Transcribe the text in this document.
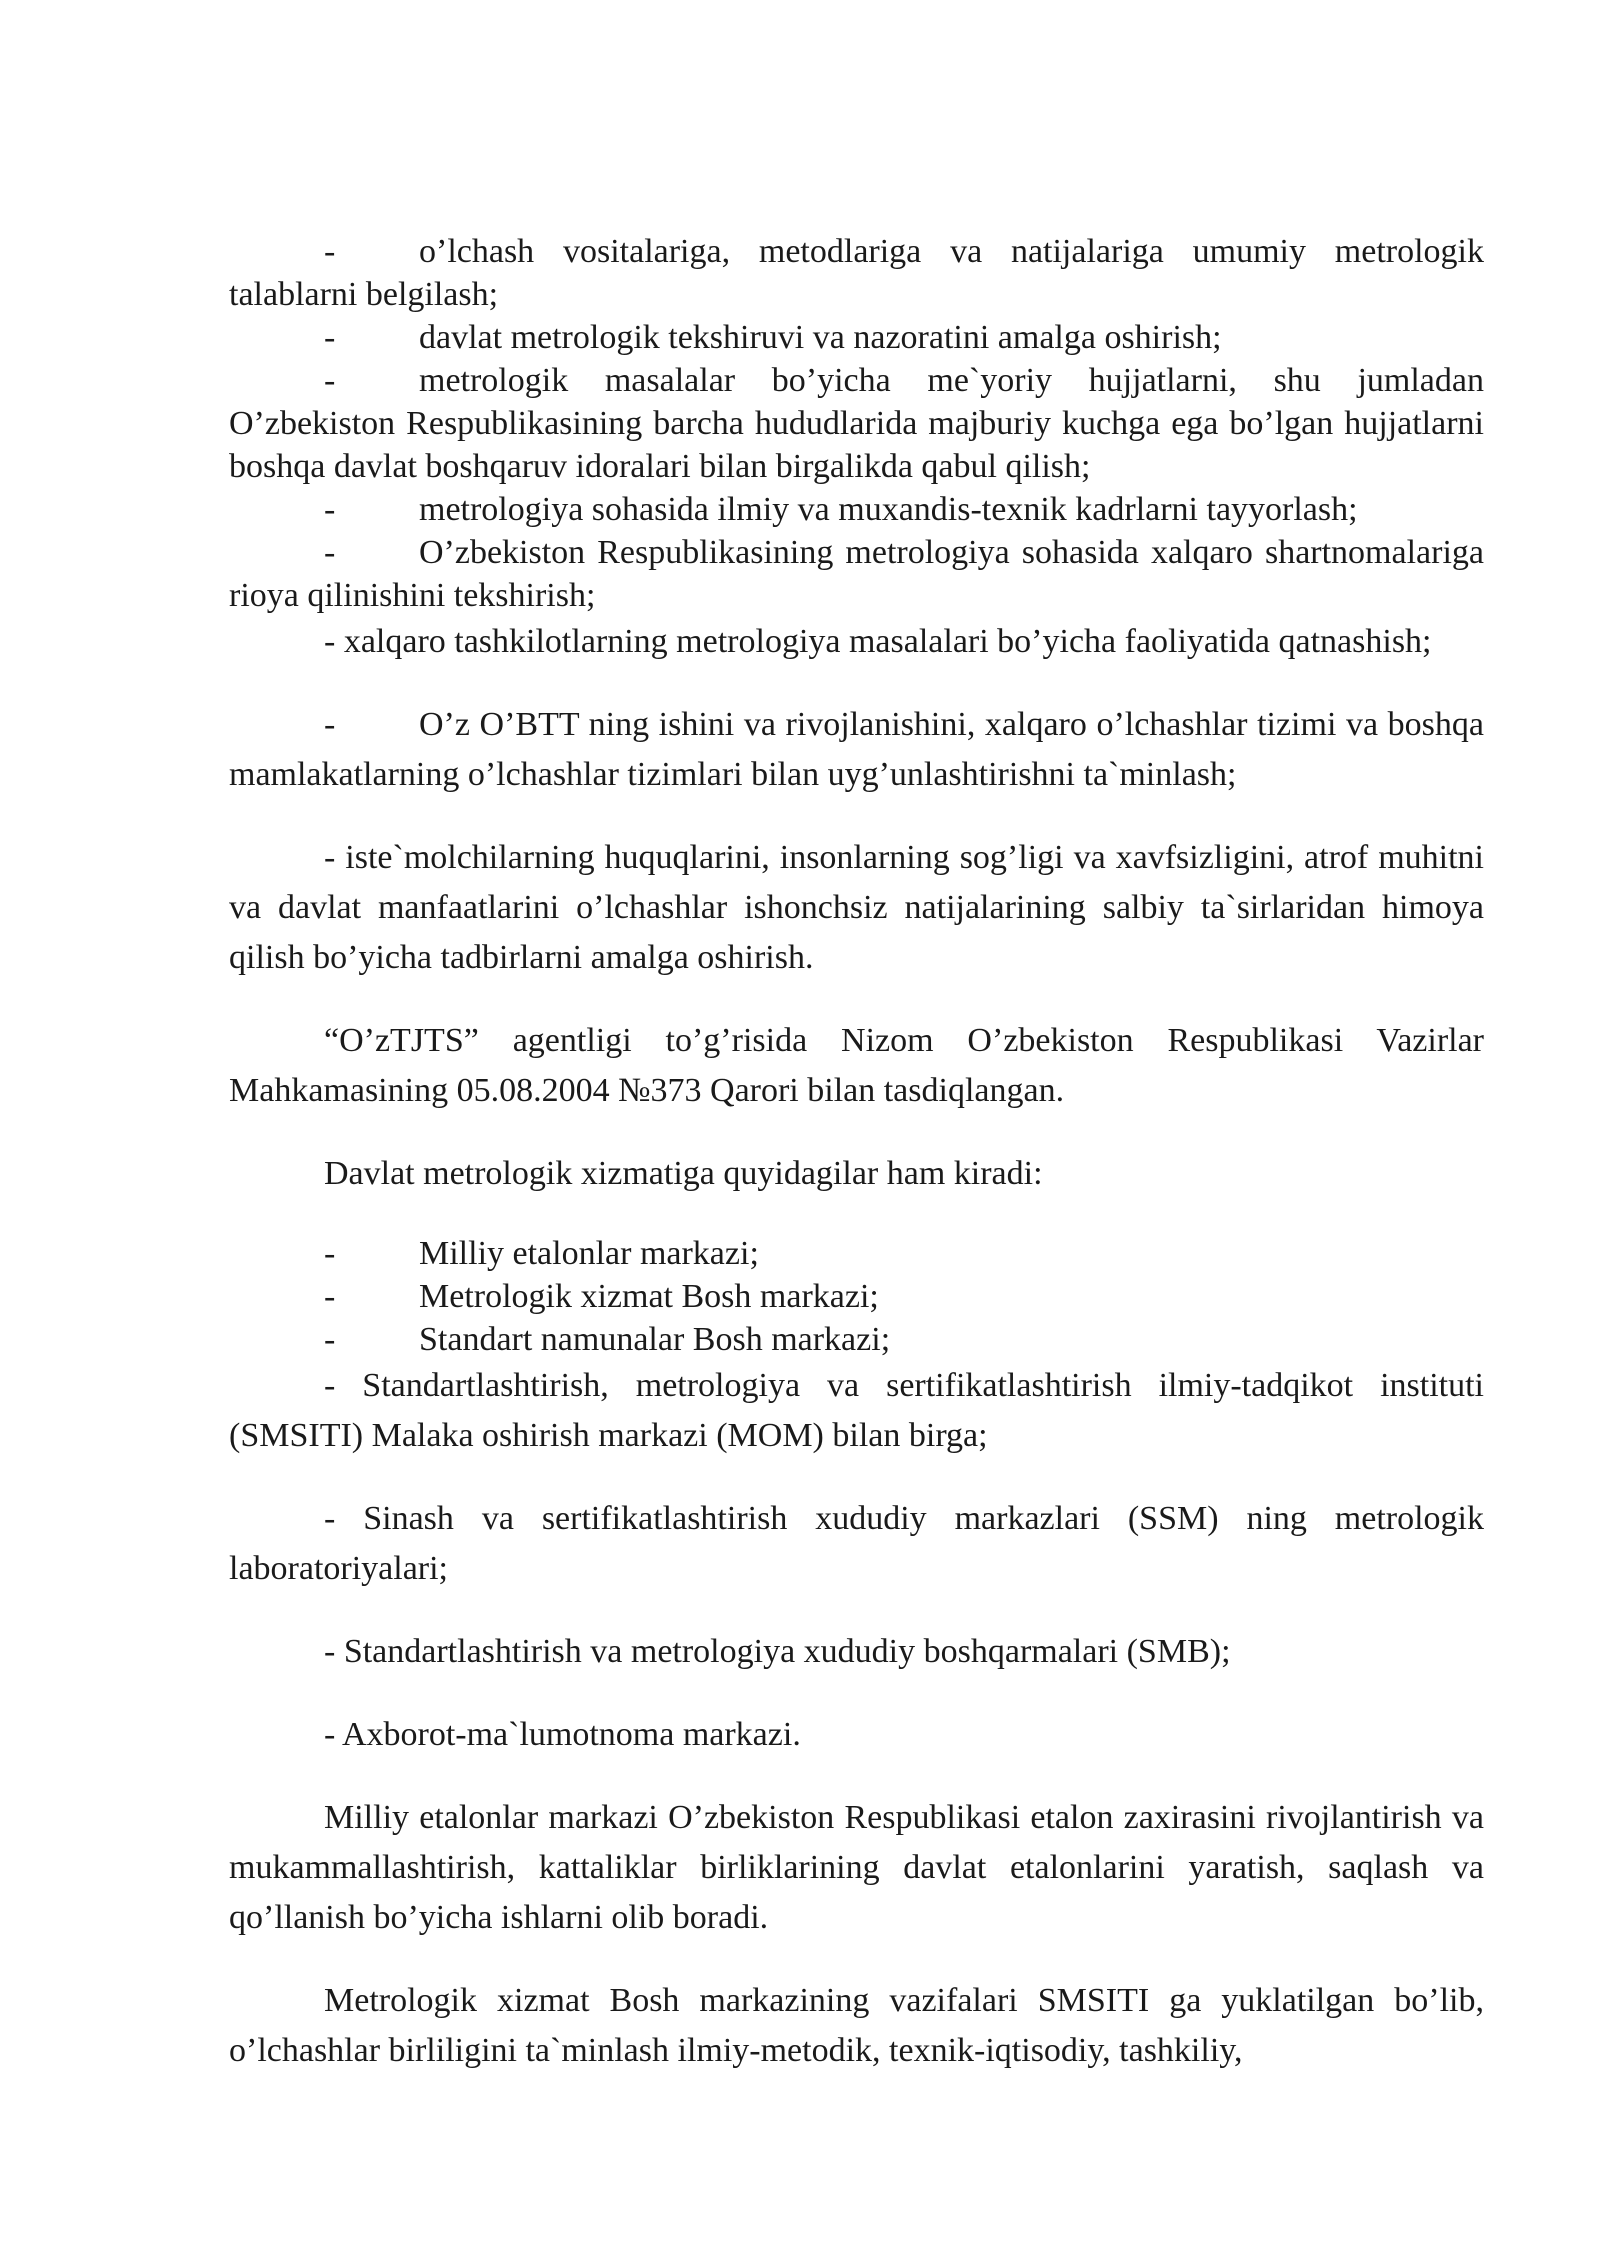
- o’lchash vositalariga, metodlariga va natijalariga umumiy metrologik talablarni belgilash;

- davlat metrologik tekshiruvi va nazoratini amalga oshirish;

- metrologik masalalar bo’yicha me`yoriy hujjatlarni, shu jumladan O’zbekiston Respublikasining barcha hududlarida majburiy kuchga ega bo’lgan hujjatlarni boshqa davlat boshqaruv idoralari bilan birgalikda qabul qilish;

- metrologiya sohasida ilmiy va muxandis-texnik kadrlarni tayyorlash;

- O’zbekiston Respublikasining metrologiya sohasida xalqaro shartnomalariga rioya qilinishini tekshirish;

- xalqaro tashkilotlarning metrologiya masalalari bo’yicha faoliyatida qatnashish;

- O’z O’BTT ning ishini va rivojlanishini, xalqaro o’lchashlar tizimi va boshqa mamlakatlarning o’lchashlar tizimlari bilan uyg’unlashtirishni ta`minlash;

- iste`molchilarning huquqlarini, insonlarning sog’ligi va xavfsizligini, atrof muhitni va davlat manfaatlarini o’lchashlar ishonchsiz natijalarining salbiy ta`sirlaridan himoya qilish bo’yicha tadbirlarni amalga oshirish.

“O’zTJTS” agentligi to’g’risida Nizom O’zbekiston Respublikasi Vazirlar Mahkamasining 05.08.2004 №373 Qarori bilan tasdiqlangan.

Davlat metrologik xizmatiga quyidagilar ham kiradi:

- Milliy etalonlar markazi;

- Metrologik xizmat Bosh markazi;

- Standart namunalar Bosh markazi;

- Standartlashtirish, metrologiya va sertifikatlashtirish ilmiy-tadqikot instituti (SMSITI) Malaka oshirish markazi (MOM) bilan birga;

- Sinash va sertifikatlashtirish xududiy markazlari (SSM) ning metrologik laboratoriyalari;

- Standartlashtirish va metrologiya xududiy boshqarmalari (SMB);

- Axborot-ma`lumotnoma markazi.

Milliy etalonlar markazi O’zbekiston Respublikasi etalon zaxirasini rivojlantirish va mukammallashtirish, kattaliklar birliklarining davlat etalonlarini yaratish, saqlash va qo’llanish bo’yicha ishlarni olib boradi.

Metrologik xizmat Bosh markazining vazifalari SMSITI ga yuklatilgan bo’lib, o’lchashlar birliligini ta`minlash ilmiy-metodik, texnik-iqtisodiy, tashkiliy,
